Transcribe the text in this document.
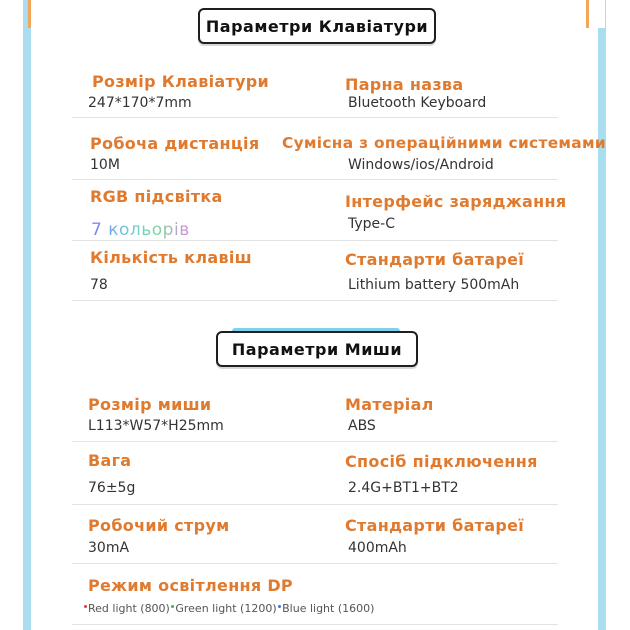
Параметри Клавіатури
Розмір Клавіатури
247*170*7mm
Парна назва
Bluetooth Keyboard
Робоча дистанція
10M
Сумісна з операційними системами
Windows/ios/Android
RGB підсвітка
7 кольорів
Інтерфейс заряджання
Type-C
Кількість клавіш
78
Стандарти батареї
Lithium battery 500mAh
Параметри Миши
Розмір миши
L113*W57*H25mm
Матеріал
ABS
Вага
76±5g
Спосіб підключення
2.4G+BT1+BT2
Робочий струм
30mA
Стандарти батареї
400mAh
Режим освітлення DP
Red light (800) Green light (1200) Blue light (1600)
